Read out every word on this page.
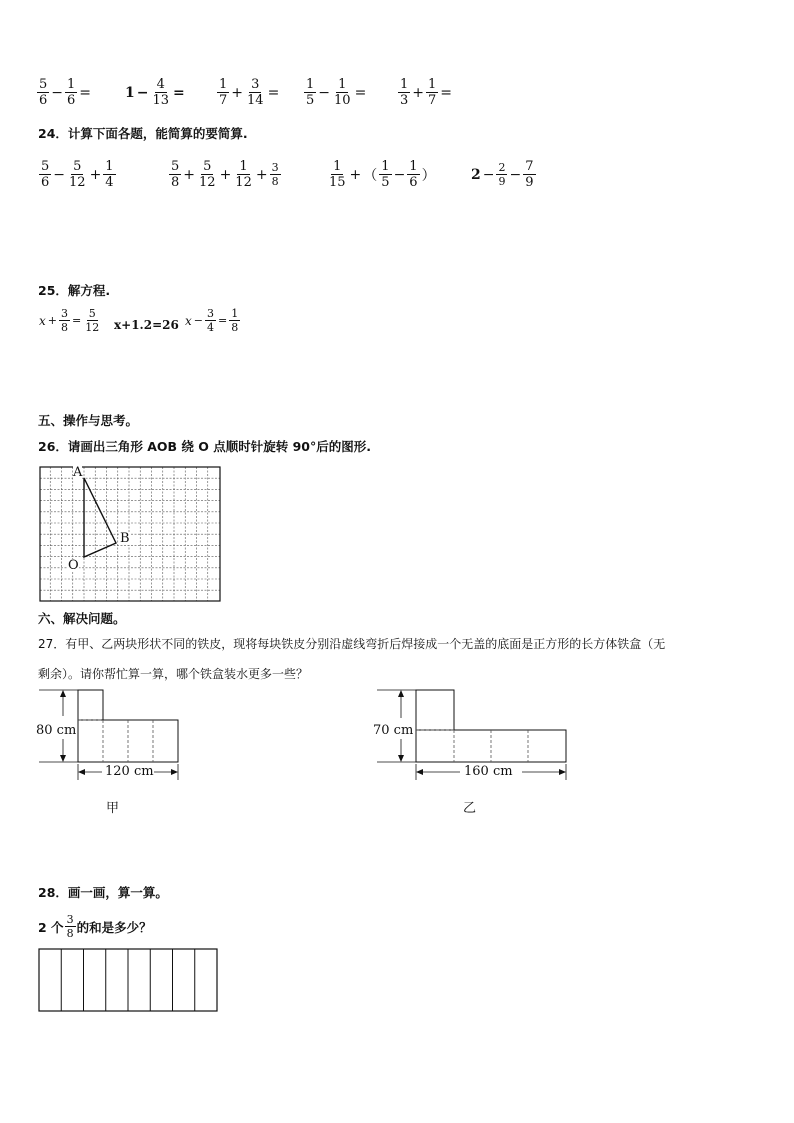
$\frac{5}{6} - \frac{1}{6} = 1 - \frac{4}{13} = \frac{1}{7} + \frac{3}{14} = \frac{1}{5} - \frac{1}{10} = \frac{1}{3} + \frac{1}{7}$ =
24．计算下面各题，能简算的要简算.
$\frac{5}{6} - \frac{5}{12} + \frac{1}{4}$	$\frac{5}{8} + \frac{5}{12} + \frac{1}{12} + \frac{3}{8}$	$\frac{1}{15}$ + （ $\frac{1}{5} - \frac{1}{6}$ ）	$2 - \frac{2}{9} - \frac{7}{9}$
25．解方程.
$x + \frac{3}{8} = \frac{5}{12} x+1.2=26$ $x - \frac{3}{4} = \frac{1}{8}$
五、操作与思考。
26．请画出三角形 AOB 绕 O 点顺时针旋转 90°后的图形.
A
B
O
六、解决问题。
27．有甲、乙两块形状不同的铁皮，现将每块铁皮分别沿虚线弯折后焊接成一个无盖的底面是正方形的长方体铁盒（无
剩余）。请你帮忙算一算，哪个铁盒装水更多一些？
80 cm
120 cm
甲
70 cm
160 cm
乙
28．画一画，算一算。
2 个 $\frac{3}{8}$ 的和是多少？
